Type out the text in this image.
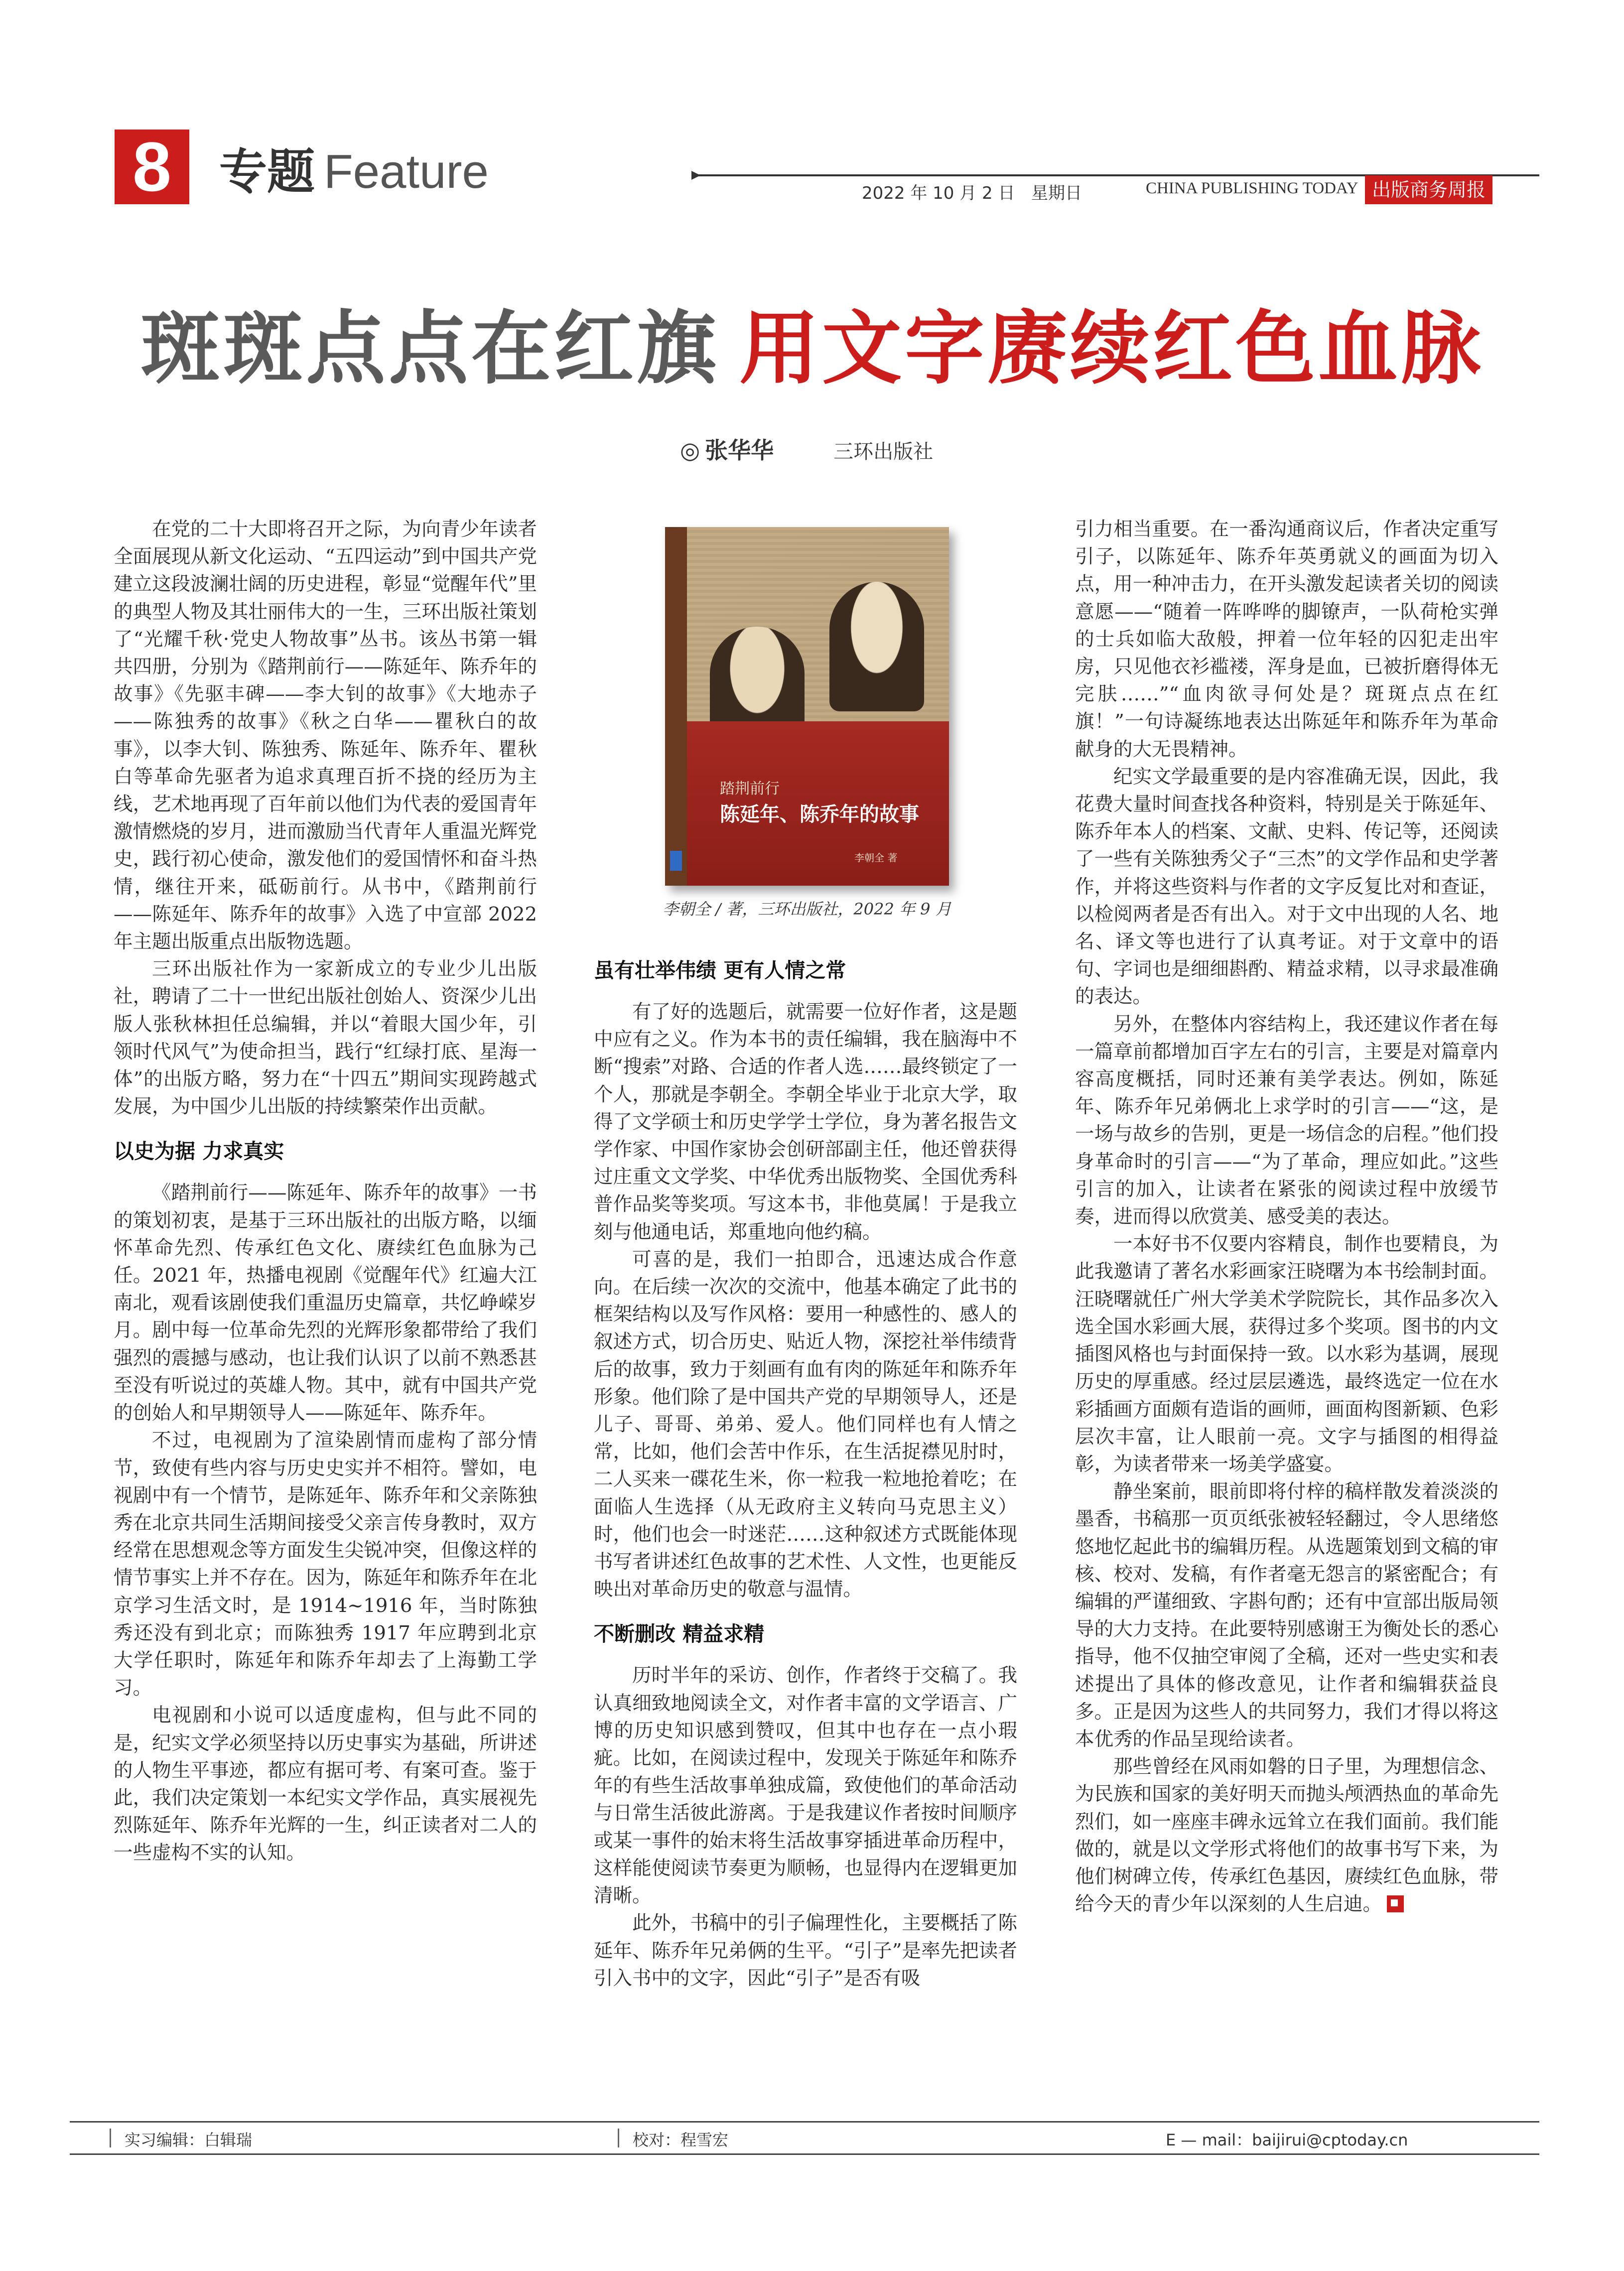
8	专题 Feature	2022 年 10 月 2 日 星期日	CHINA PUBLISHING TODAY 出版商务周报
斑斑点点在红旗 用文字赓续红色血脉
◎ 张华华	三环出版社

在党的二十大即将召开之际，为向青少年读者全面展现从新文化运动、“五四运动”到中国共产党建立这段波澜壮阔的历史进程，彰显“觉醒年代”里的典型人物及其壮丽伟大的一生，三环出版社策划了“光耀千秋·党史人物故事”丛书。该丛书第一辑共四册，分别为《踏荆前行——陈延年、陈乔年的故事》《先驱丰碑——李大钊的故事》《大地赤子——陈独秀的故事》《秋之白华——瞿秋白的故事》，以李大钊、陈独秀、陈延年、陈乔年、瞿秋白等革命先驱者为追求真理百折不挠的经历为主线，艺术地再现了百年前以他们为代表的爱国青年激情燃烧的岁月，进而激励当代青年人重温光辉党史，践行初心使命，激发他们的爱国情怀和奋斗热情，继往开来，砥砺前行。从书中，《踏荆前行——陈延年、陈乔年的故事》入选了中宣部 2022 年主题出版重点出版物选题。

三环出版社作为一家新成立的专业少儿出版社，聘请了二十一世纪出版社创始人、资深少儿出版人张秋林担任总编辑，并以“着眼大国少年，引领时代风气”为使命担当，践行“红绿打底、星海一体”的出版方略，努力在“十四五”期间实现跨越式发展，为中国少儿出版的持续繁荣作出贡献。

以史为据 力求真实

《踏荆前行——陈延年、陈乔年的故事》一书的策划初衷，是基于三环出版社的出版方略，以缅怀革命先烈、传承红色文化、赓续红色血脉为己任。2021 年，热播电视剧《觉醒年代》红遍大江南北，观看该剧使我们重温历史篇章，共忆峥嵘岁月。剧中每一位革命先烈的光辉形象都带给了我们强烈的震撼与感动，也让我们认识了以前不熟悉甚至没有听说过的英雄人物。其中，就有中国共产党的创始人和早期领导人——陈延年、陈乔年。

不过，电视剧为了渲染剧情而虚构了部分情节，致使有些内容与历史史实并不相符。譬如，电视剧中有一个情节，是陈延年、陈乔年和父亲陈独秀在北京共同生活期间接受父亲言传身教时，双方经常在思想观念等方面发生尖锐冲突，但像这样的情节事实上并不存在。因为，陈延年和陈乔年在北京学习生活文时，是 1914~1916 年，当时陈独秀还没有到北京；而陈独秀 1917 年应聘到北京大学任职时，陈延年和陈乔年却去了上海勤工学习。

电视剧和小说可以适度虚构，但与此不同的是，纪实文学必须坚持以历史事实为基础，所讲述的人物生平事迹，都应有据可考、有案可查。鉴于此，我们决定策划一本纪实文学作品，真实展视先烈陈延年、陈乔年光辉的一生，纠正读者对二人的一些虚构不实的认知。

踏荆前行
陈延年、陈乔年的故事
李朝全 著
李朝全 / 著，三环出版社，2022 年 9 月
虽有壮举伟绩 更有人情之常

有了好的选题后，就需要一位好作者，这是题中应有之义。作为本书的责任编辑，我在脑海中不断“搜索”对路、合适的作者人选……最终锁定了一个人，那就是李朝全。李朝全毕业于北京大学，取得了文学硕士和历史学学士学位，身为著名报告文学作家、中国作家协会创研部副主任，他还曾获得过庄重文文学奖、中华优秀出版物奖、全国优秀科普作品奖等奖项。写这本书，非他莫属！于是我立刻与他通电话，郑重地向他约稿。

可喜的是，我们一拍即合，迅速达成合作意向。在后续一次次的交流中，他基本确定了此书的框架结构以及写作风格：要用一种感性的、感人的叙述方式，切合历史、贴近人物，深挖社举伟绩背后的故事，致力于刻画有血有肉的陈延年和陈乔年形象。他们除了是中国共产党的早期领导人，还是儿子、哥哥、弟弟、爱人。他们同样也有人情之常，比如，他们会苦中作乐，在生活捉襟见肘时，二人买来一碟花生米，你一粒我一粒地抢着吃；在面临人生选择（从无政府主义转向马克思主义）时，他们也会一时迷茫……这种叙述方式既能体现书写者讲述红色故事的艺术性、人文性，也更能反映出对革命历史的敬意与温情。

不断删改 精益求精

历时半年的采访、创作，作者终于交稿了。我认真细致地阅读全文，对作者丰富的文学语言、广博的历史知识感到赞叹，但其中也存在一点小瑕疵。比如，在阅读过程中，发现关于陈延年和陈乔年的有些生活故事单独成篇，致使他们的革命活动与日常生活彼此游离。于是我建议作者按时间顺序或某一事件的始末将生活故事穿插进革命历程中，这样能使阅读节奏更为顺畅，也显得内在逻辑更加清晰。

此外，书稿中的引子偏理性化，主要概括了陈延年、陈乔年兄弟俩的生平。“引子”是率先把读者引入书中的文字，因此“引子”是否有吸

引力相当重要。在一番沟通商议后，作者决定重写引子，以陈延年、陈乔年英勇就义的画面为切入点，用一种冲击力，在开头激发起读者关切的阅读意愿——“随着一阵哗哗的脚镣声，一队荷枪实弹的士兵如临大敌般，押着一位年轻的囚犯走出牢房，只见他衣衫褴褛，浑身是血，已被折磨得体无完肤……”“血肉欲寻何处是？斑斑点点在红旗！”一句诗凝练地表达出陈延年和陈乔年为革命献身的大无畏精神。

纪实文学最重要的是内容准确无误，因此，我花费大量时间查找各种资料，特别是关于陈延年、陈乔年本人的档案、文献、史料、传记等，还阅读了一些有关陈独秀父子“三杰”的文学作品和史学著作，并将这些资料与作者的文字反复比对和查证，以检阅两者是否有出入。对于文中出现的人名、地名、译文等也进行了认真考证。对于文章中的语句、字词也是细细斟酌、精益求精，以寻求最准确的表达。

另外，在整体内容结构上，我还建议作者在每一篇章前都增加百字左右的引言，主要是对篇章内容高度概括，同时还兼有美学表达。例如，陈延年、陈乔年兄弟俩北上求学时的引言——“这，是一场与故乡的告别，更是一场信念的启程。”他们投身革命时的引言——“为了革命，理应如此。”这些引言的加入，让读者在紧张的阅读过程中放缓节奏，进而得以欣赏美、感受美的表达。

一本好书不仅要内容精良，制作也要精良，为此我邀请了著名水彩画家汪晓曙为本书绘制封面。汪晓曙就任广州大学美术学院院长，其作品多次入选全国水彩画大展，获得过多个奖项。图书的内文插图风格也与封面保持一致。以水彩为基调，展现历史的厚重感。经过层层遴选，最终选定一位在水彩插画方面颇有造诣的画师，画面构图新颖、色彩层次丰富，让人眼前一亮。文字与插图的相得益彰，为读者带来一场美学盛宴。

静坐案前，眼前即将付梓的稿样散发着淡淡的墨香，书稿那一页页纸张被轻轻翻过，令人思绪悠悠地忆起此书的编辑历程。从选题策划到文稿的审核、校对、发稿，有作者毫无怨言的紧密配合；有编辑的严谨细致、字斟句酌；还有中宣部出版局领导的大力支持。在此要特别感谢王为衡处长的悉心指导，他不仅抽空审阅了全稿，还对一些史实和表述提出了具体的修改意见，让作者和编辑获益良多。正是因为这些人的共同努力，我们才得以将这本优秀的作品呈现给读者。

那些曾经在风雨如磐的日子里，为理想信念、为民族和国家的美好明天而抛头颅洒热血的革命先烈们，如一座座丰碑永远耸立在我们面前。我们能做的，就是以文学形式将他们的故事书写下来，为他们树碑立传，传承红色基因，赓续红色血脉，带给今天的青少年以深刻的人生启迪。

实习编辑：白辑瑞	校对：程雪宏	E — mail：baijirui@cptoday.cn
